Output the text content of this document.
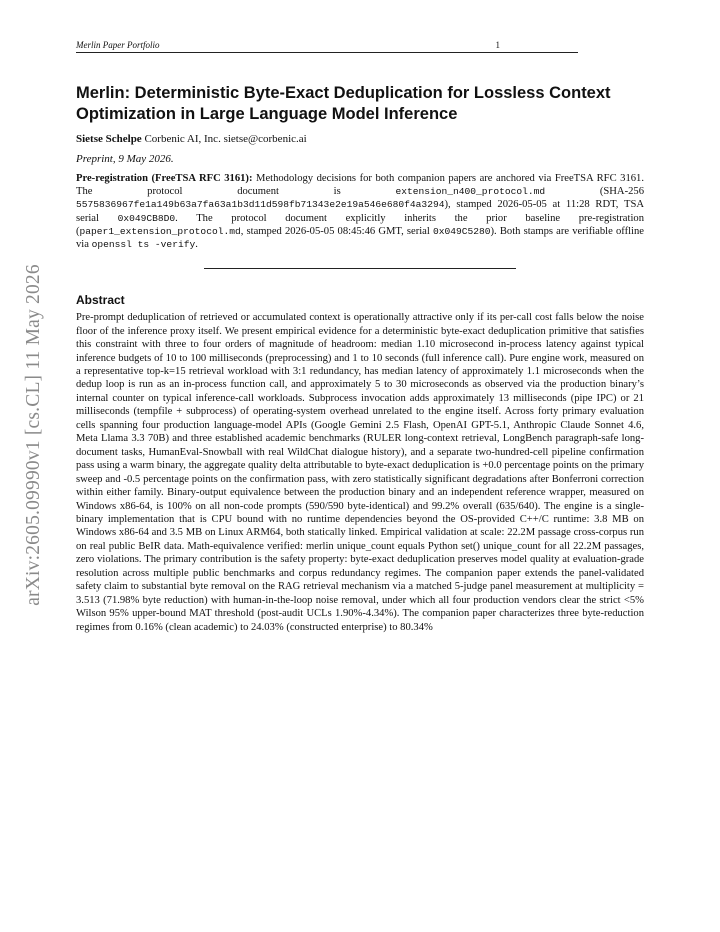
arXiv:2605.09990v1 [cs.CL] 11 May 2026
Merlin Paper Portfolio	1
Merlin: Deterministic Byte-Exact Deduplication for Lossless Context Optimization in Large Language Model Inference
Sietse Schelpe Corbenic AI, Inc. sietse@corbenic.ai
Preprint, 9 May 2026.
Pre-registration (FreeTSA RFC 3161): Methodology decisions for both companion papers are anchored via FreeTSA RFC 3161. The protocol document is extension_n400_protocol.md (SHA-256 5575836967fe1a149b63a7fa63a1b3d11d598fb71343e2e19a546e680f4a3294), stamped 2026-05-05 at 11:28 RDT, TSA serial 0x049CB8D0. The protocol document explicitly inherits the prior baseline pre-registration (paper1_extension_protocol.md, stamped 2026-05-05 08:45:46 GMT, serial 0x049C5280). Both stamps are verifiable offline via openssl ts -verify.
Abstract
Pre-prompt deduplication of retrieved or accumulated context is operationally attractive only if its per-call cost falls below the noise floor of the inference proxy itself. We present empirical evidence for a deterministic byte-exact deduplication primitive that satisfies this constraint with three to four orders of magnitude of headroom: median 1.10 microsecond in-process latency against typical inference budgets of 10 to 100 milliseconds (preprocessing) and 1 to 10 seconds (full inference call). Pure engine work, measured on a representative top-k=15 retrieval workload with 3:1 redundancy, has median latency of approximately 1.1 microseconds when the dedup loop is run as an in-process function call, and approximately 5 to 30 microseconds as observed via the production binary’s internal counter on typical inference-call workloads. Subprocess invocation adds approximately 13 milliseconds (pipe IPC) or 21 milliseconds (tempfile + subprocess) of operating-system overhead unrelated to the engine itself. Across forty primary evaluation cells spanning four production language-model APIs (Google Gemini 2.5 Flash, OpenAI GPT-5.1, Anthropic Claude Sonnet 4.6, Meta Llama 3.3 70B) and three established academic benchmarks (RULER long-context retrieval, LongBench paragraph-safe long-document tasks, HumanEval-Snowball with real WildChat dialogue history), and a separate two-hundred-cell pipeline confirmation pass using a warm binary, the aggregate quality delta attributable to byte-exact deduplication is +0.0 percentage points on the primary sweep and -0.5 percentage points on the confirmation pass, with zero statistically significant degradations after Bonferroni correction within either family. Binary-output equivalence between the production binary and an independent reference wrapper, measured on Windows x86-64, is 100% on all non-code prompts (590/590 byte-identical) and 99.2% overall (635/640). The engine is a single-binary implementation that is CPU bound with no runtime dependencies beyond the OS-provided C++/C runtime: 3.8 MB on Windows x86-64 and 3.5 MB on Linux ARM64, both statically linked. Empirical validation at scale: 22.2M passage cross-corpus run on real public BeIR data. Math-equivalence verified: merlin unique_count equals Python set() unique_count for all 22.2M passages, zero violations. The primary contribution is the safety property: byte-exact deduplication preserves model quality at evaluation-grade resolution across multiple public benchmarks and corpus redundancy regimes. The companion paper extends the panel-validated safety claim to substantial byte removal on the RAG retrieval mechanism via a matched 5-judge panel measurement at multiplicity = 3.513 (71.98% byte reduction) with human-in-the-loop noise removal, under which all four production vendors clear the strict <5% Wilson 95% upper-bound MAT threshold (post-audit UCLs 1.90%-4.34%). The companion paper characterizes three byte-reduction regimes from 0.16% (clean academic) to 24.03% (constructed enterprise) to 80.34%
